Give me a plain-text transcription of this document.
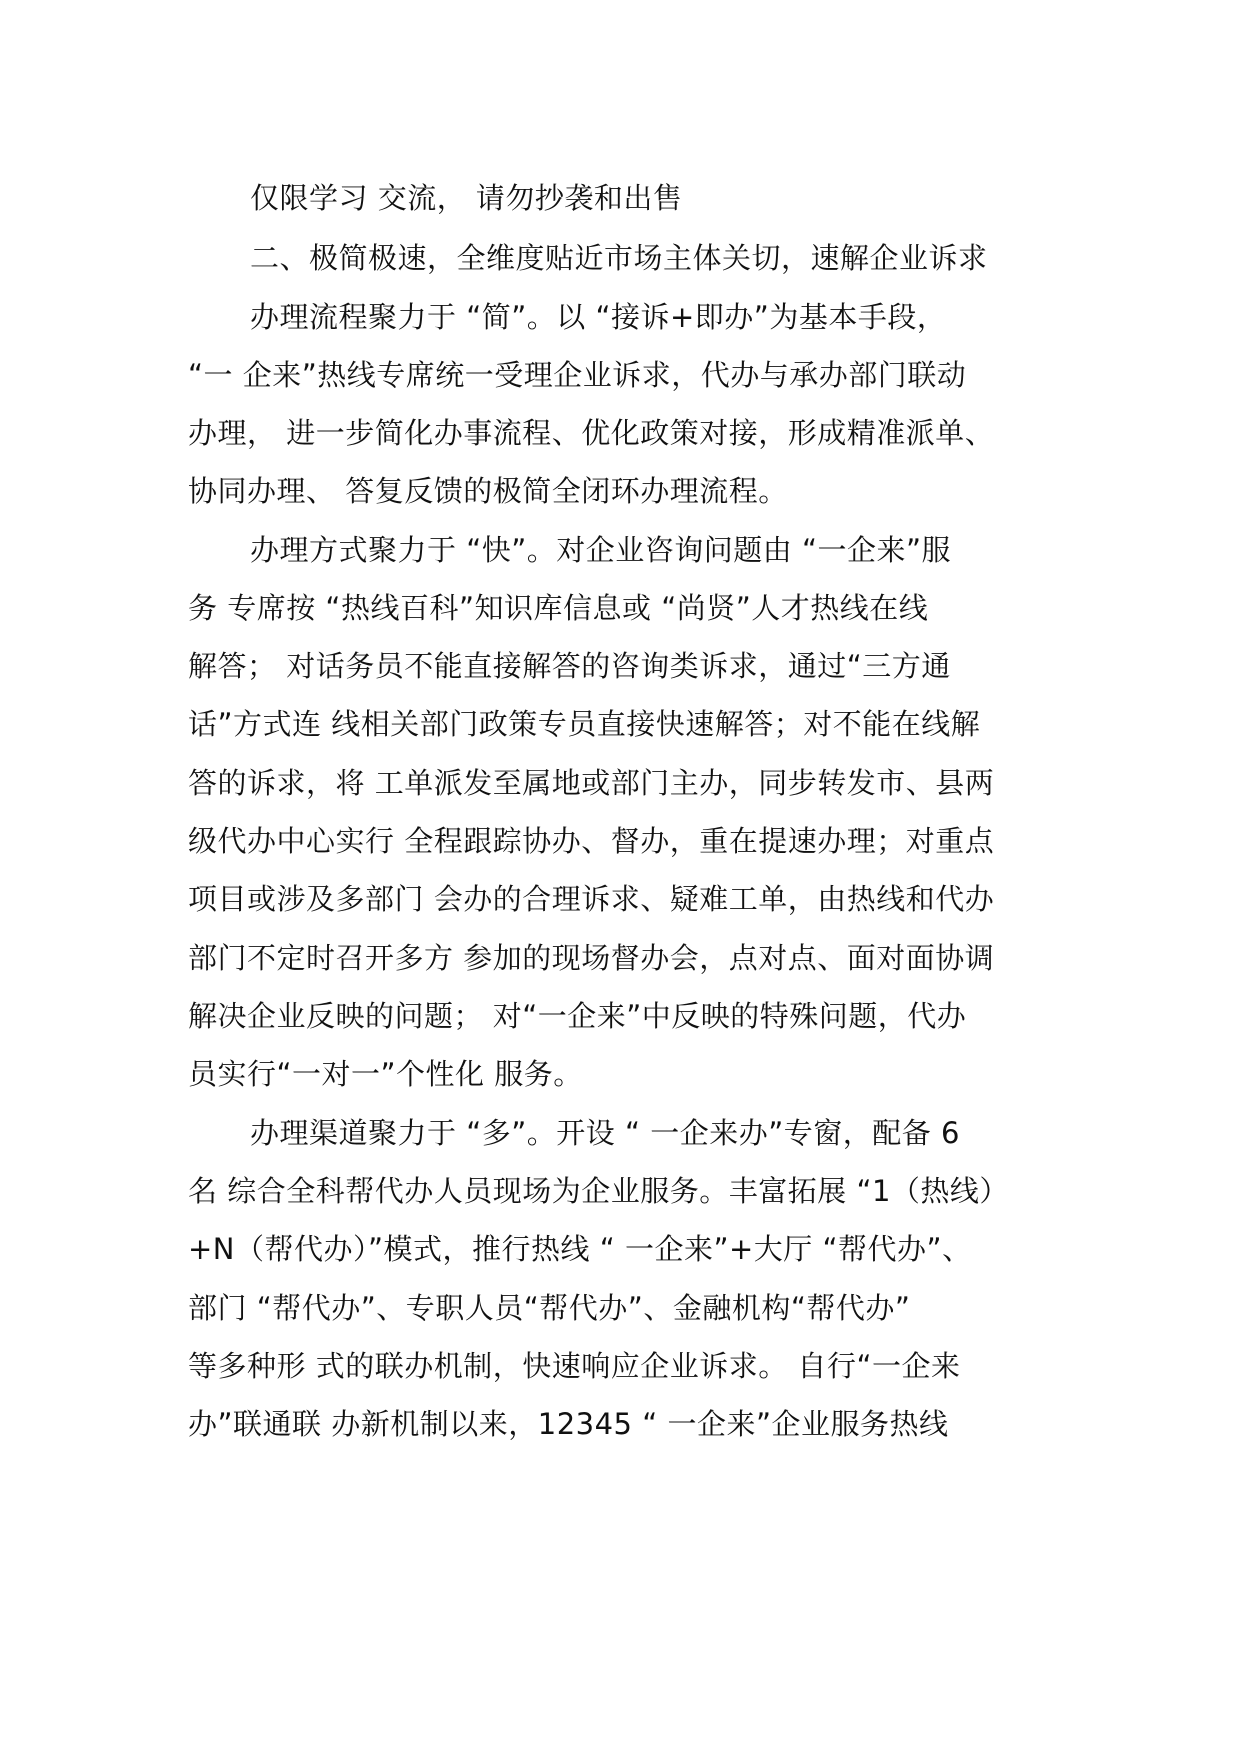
仅限学习 交流， 请勿抄袭和出售
二、极简极速，全维度贴近市场主体关切，速解企业诉求
办理流程聚力于 “简”。以 “接诉+即办”为基本手段，
“一 企来”热线专席统一受理企业诉求，代办与承办部门联动
办理， 进一步简化办事流程、优化政策对接，形成精准派单、
协同办理、 答复反馈的极简全闭环办理流程。
办理方式聚力于 “快”。对企业咨询问题由 “一企来”服
务 专席按 “热线百科”知识库信息或 “尚贤”人才热线在线
解答； 对话务员不能直接解答的咨询类诉求，通过“三方通
话”方式连 线相关部门政策专员直接快速解答；对不能在线解
答的诉求，将 工单派发至属地或部门主办，同步转发市、县两
级代办中心实行 全程跟踪协办、督办，重在提速办理；对重点
项目或涉及多部门 会办的合理诉求、疑难工单，由热线和代办
部门不定时召开多方 参加的现场督办会，点对点、面对面协调
解决企业反映的问题； 对“一企来”中反映的特殊问题，代办
员实行“一对一”个性化 服务。
办理渠道聚力于 “多”。开设 “ 一企来办”专窗，配备 6
名 综合全科帮代办人员现场为企业服务。丰富拓展 “1（热线）
+N（帮代办）”模式，推行热线 “ 一企来”+大厅 “帮代办”、
部门 “帮代办”、专职人员“帮代办”、金融机构“帮代办”
等多种形 式的联办机制，快速响应企业诉求。 自行“一企来
办”联通联 办新机制以来，12345 “ 一企来”企业服务热线
